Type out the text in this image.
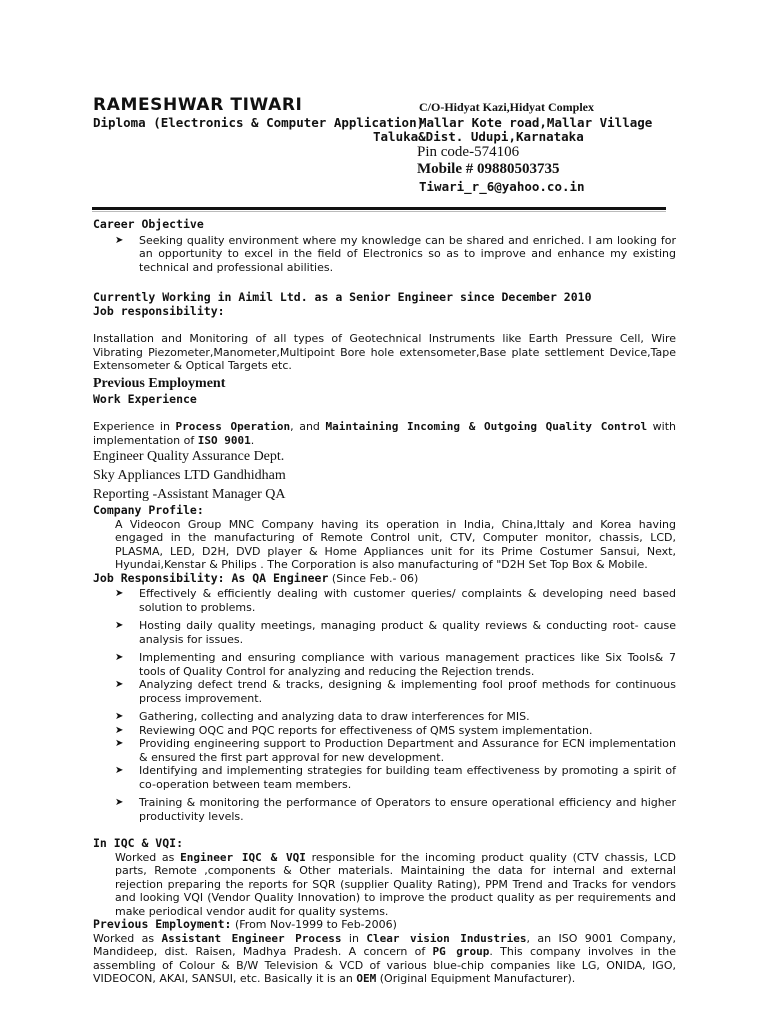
RAMESHWAR TIWARI
Diploma (Electronics & Computer Application)
C/O-Hidyat Kazi,Hidyat Complex
Mallar Kote road,Mallar Village
Taluka&Dist. Udupi,Karnataka
Pin code-574106
Mobile # 09880503735
Tiwari_r_6@yahoo.co.in
Career Objective
➤ Seeking quality environment where my knowledge can be shared and enriched. I am looking for an opportunity to excel in the field of Electronics so as to improve and enhance my existing technical and professional abilities.
Currently Working in Aimil Ltd. as a Senior Engineer since December 2010
Job responsibility:

Installation and Monitoring of all types of Geotechnical Instruments like Earth Pressure Cell, Wire Vibrating Piezometer,Manometer,Multipoint Bore hole extensometer,Base plate settlement Device,Tape Extensometer & Optical Targets etc.

Previous Employment
Work Experience

Experience in Process Operation, and Maintaining Incoming & Outgoing Quality Control with implementation of ISO 9001.

Engineer Quality Assurance Dept.
Sky Appliances LTD Gandhidham
Reporting -Assistant Manager QA
Company Profile:

A Videocon Group MNC Company having its operation in India, China,Ittaly and Korea having engaged in the manufacturing of Remote Control unit, CTV, Computer monitor, chassis, LCD, PLASMA, LED, D2H, DVD player & Home Appliances unit for its Prime Costumer Sansui, Next, Hyundai,Kenstar & Philips . The Corporation is also manufacturing of "D2H Set Top Box & Mobile.

Job Responsibility: As QA Engineer (Since Feb.- 06)
➤ Effectively & efficiently dealing with customer queries/ complaints & developing need based solution to problems.
➤ Hosting daily quality meetings, managing product & quality reviews & conducting root- cause analysis for issues.
➤ Implementing and ensuring compliance with various management practices like Six Tools& 7 tools of Quality Control for analyzing and reducing the Rejection trends.
➤ Analyzing defect trend & tracks, designing & implementing fool proof methods for continuous process improvement.
➤ Gathering, collecting and analyzing data to draw interferences for MIS.
➤ Reviewing OQC and PQC reports for effectiveness of QMS system implementation.
➤ Providing engineering support to Production Department and Assurance for ECN implementation & ensured the first part approval for new development.
➤ Identifying and implementing strategies for building team effectiveness by promoting a spirit of co-operation between team members.
➤ Training & monitoring the performance of Operators to ensure operational efficiency and higher productivity levels.
In IQC & VQI:

Worked as Engineer IQC & VQI responsible for the incoming product quality (CTV chassis, LCD parts, Remote ,components & Other materials. Maintaining the data for internal and external rejection preparing the reports for SQR (supplier Quality Rating), PPM Trend and Tracks for vendors and looking VQI (Vendor Quality Innovation) to improve the product quality as per requirements and make periodical vendor audit for quality systems.

Previous Employment: (From Nov-1999 to Feb-2006)

Worked as Assistant Engineer Process in Clear vision Industries, an ISO 9001 Company, Mandideep, dist. Raisen, Madhya Pradesh. A concern of PG group. This company involves in the assembling of Colour & B/W Television & VCD of various blue-chip companies like LG, ONIDA, IGO, VIDEOCON, AKAI, SANSUI, etc. Basically it is an OEM (Original Equipment Manufacturer).
